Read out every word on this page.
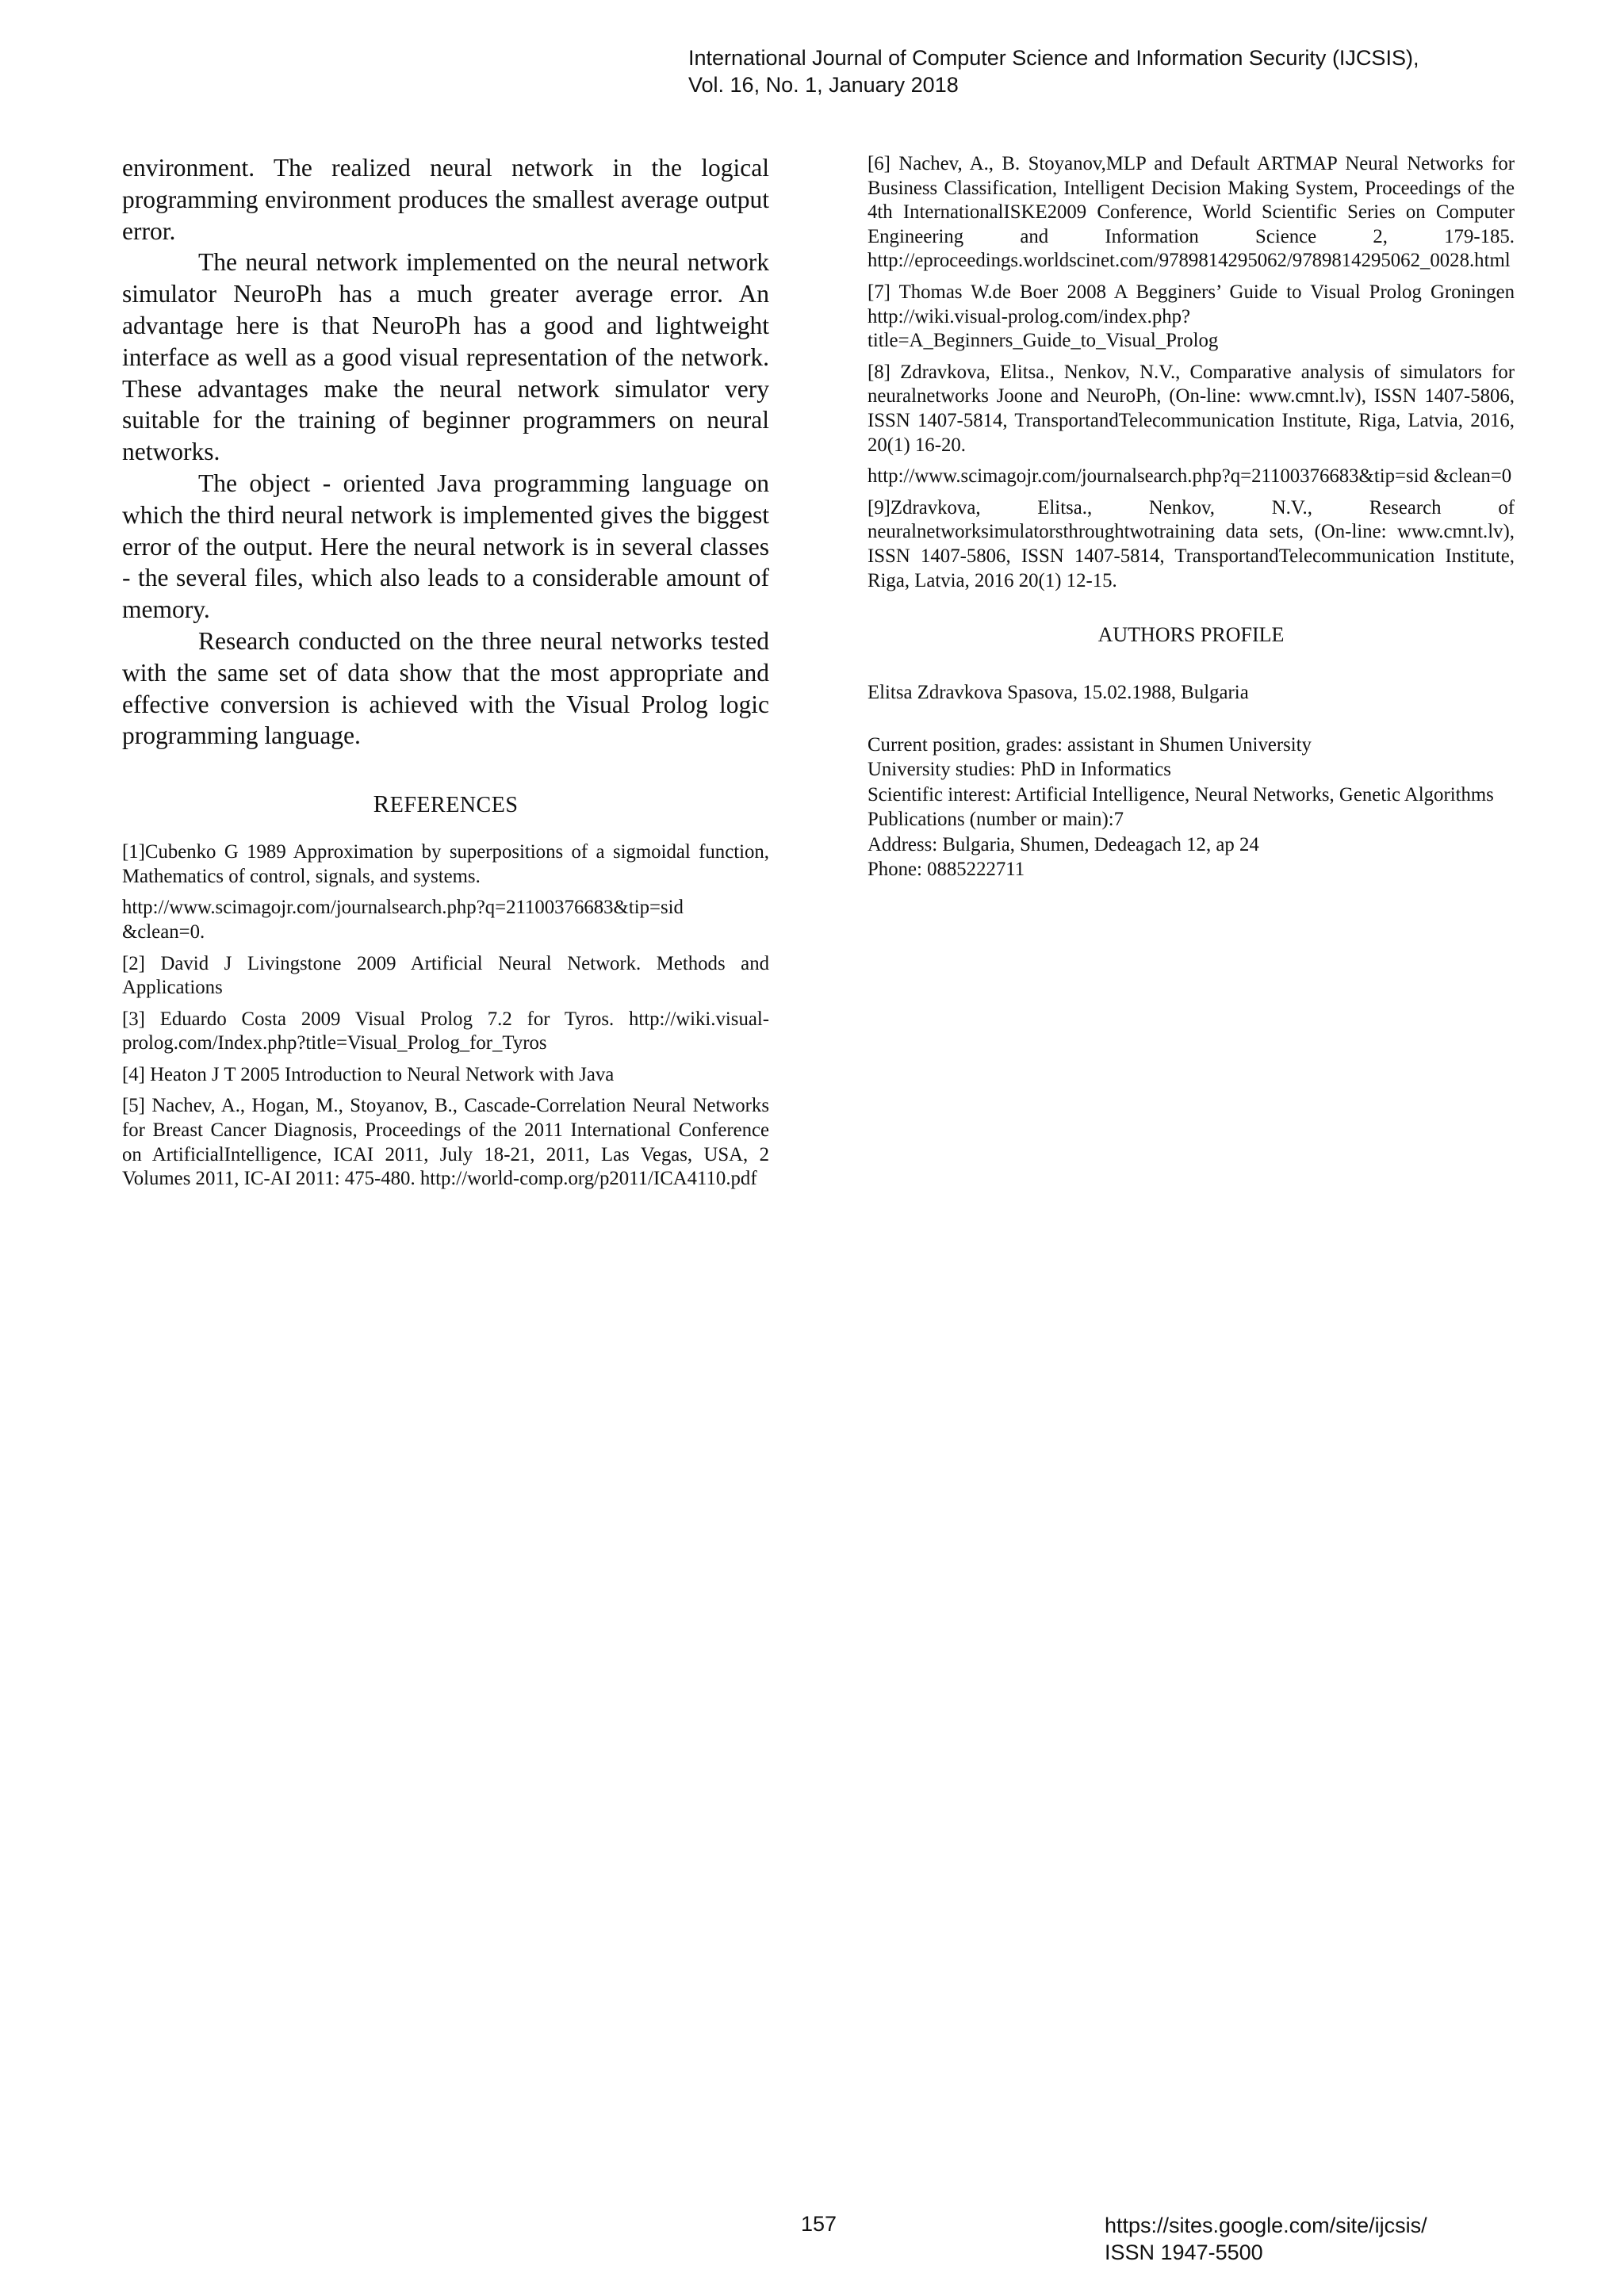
International Journal of Computer Science and Information Security (IJCSIS),
Vol. 16, No. 1, January 2018

environment. The realized neural network in the logical programming environment produces the smallest average output error.

The neural network implemented on the neural network simulator NeuroPh has a much greater average error. An advantage here is that NeuroPh has a good and lightweight interface as well as a good visual representation of the network. These advantages make the neural network simulator very suitable for the training of beginner programmers on neural networks.

The object - oriented Java programming language on which the third neural network is implemented gives the biggest error of the output. Here the neural network is in several classes - the several files, which also leads to a considerable amount of memory.

Research conducted on the three neural networks tested with the same set of data show that the most appropriate and effective conversion is achieved with the Visual Prolog logic programming language.

REFERENCES

[1]Cubenko G 1989 Approximation by superpositions of a sigmoidal function, Mathematics of control, signals, and systems.

http://www.scimagojr.com/journalsearch.php?q=21100376683&tip=sid &clean=0.

[2] David J Livingstone 2009 Artificial Neural Network. Methods and Applications

[3] Eduardo Costa 2009 Visual Prolog 7.2 for Tyros. http://wiki.visual-prolog.com/Index.php?title=Visual_Prolog_for_Tyros

[4] Heaton J T 2005 Introduction to Neural Network with Java

[5] Nachev, A., Hogan, M., Stoyanov, B., Cascade-Correlation Neural Networks for Breast Cancer Diagnosis, Proceedings of the 2011 International Conference on ArtificialIntelligence, ICAI 2011, July 18-21, 2011, Las Vegas, USA, 2 Volumes 2011, IC-AI 2011: 475-480. http://world-comp.org/p2011/ICA4110.pdf

[6] Nachev, A., B. Stoyanov,MLP and Default ARTMAP Neural Networks for Business Classification, Intelligent Decision Making System, Proceedings of the 4th InternationalISKE2009 Conference, World Scientific Series on Computer Engineering and Information Science 2, 179-185. http://eproceedings.worldscinet.com/9789814295062/9789814295062_0028.html

[7] Thomas W.de Boer 2008 A Begginers’ Guide to Visual Prolog Groningen http://wiki.visual-prolog.com/index.php?title=A_Beginners_Guide_to_Visual_Prolog

[8] Zdravkova, Elitsa., Nenkov, N.V., Comparative analysis of simulators for neuralnetworks Joone and NeuroPh, (On-line: www.cmnt.lv), ISSN 1407-5806, ISSN 1407-5814, TransportandTelecommunication Institute, Riga, Latvia, 2016, 20(1) 16-20.

http://www.scimagojr.com/journalsearch.php?q=21100376683&tip=sid &clean=0

[9]Zdravkova, Elitsa., Nenkov, N.V., Research of neuralnetworksimulatorsthroughtwotraining data sets, (On-line: www.cmnt.lv), ISSN 1407-5806, ISSN 1407-5814, TransportandTelecommunication Institute, Riga, Latvia, 2016 20(1) 12-15.

AUTHORS PROFILE

Elitsa Zdravkova Spasova, 15.02.1988, Bulgaria

Current position, grades: assistant in Shumen University

University studies: PhD in Informatics

Scientific interest: Artificial Intelligence, Neural Networks, Genetic Algorithms

Publications (number or main):7

Address: Bulgaria, Shumen, Dedeagach 12, ap 24

Phone: 0885222711

157	https://sites.google.com/site/ijcsis/
ISSN 1947-5500
